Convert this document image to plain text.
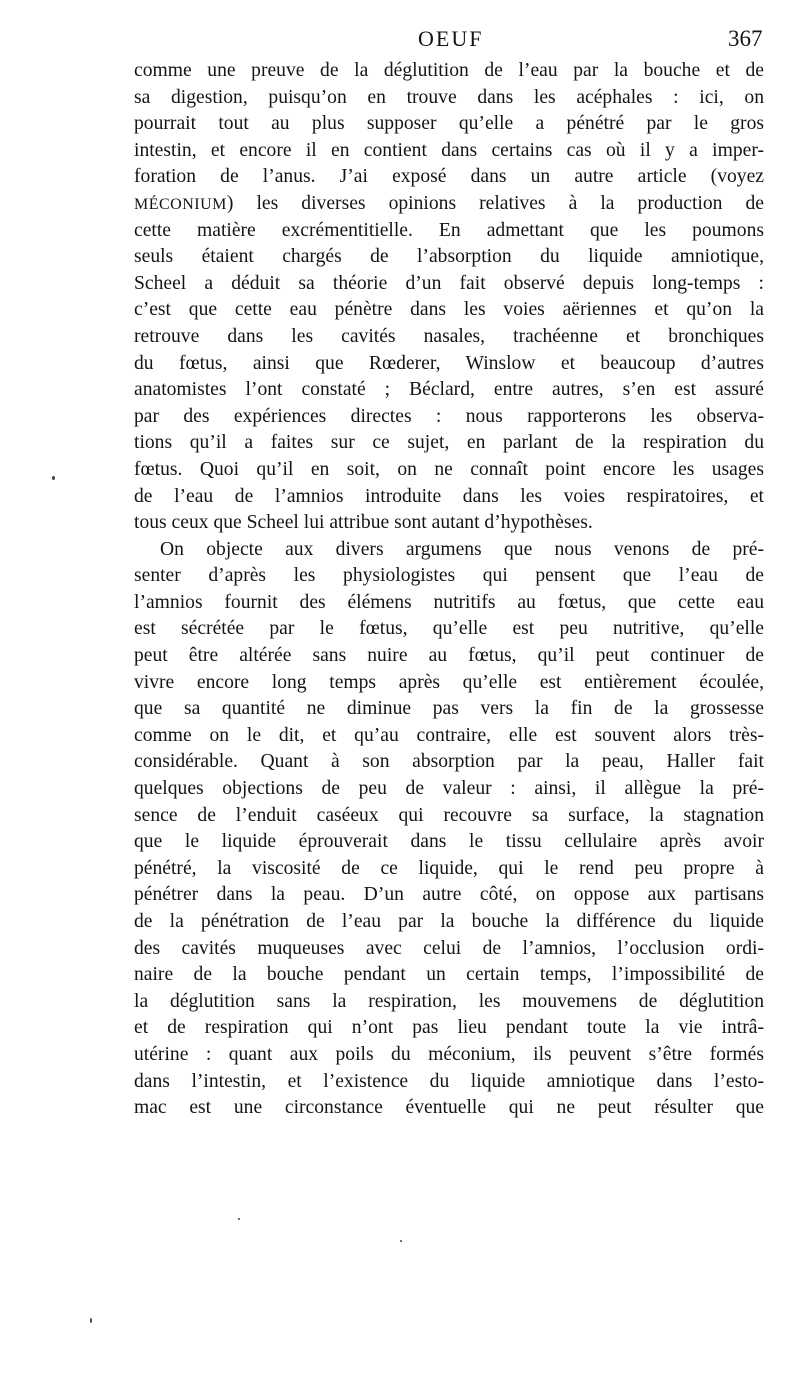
OEUF	367
comme une preuve de la déglutition de l’eau par la bouche et de
sa digestion, puisqu’on en trouve dans les acéphales : ici, on
pourrait tout au plus supposer qu’elle a pénétré par le gros
intestin, et encore il en contient dans certains cas où il y a imper-
foration de l’anus. J’ai exposé dans un autre article (voyez
MÉCONIUM) les diverses opinions relatives à la production de
cette matière excrémentitielle. En admettant que les poumons
seuls étaient chargés de l’absorption du liquide amniotique,
Scheel a déduit sa théorie d’un fait observé depuis long-temps :
c’est que cette eau pénètre dans les voies aëriennes et qu’on la
retrouve dans les cavités nasales, trachéenne et bronchiques
du fœtus, ainsi que Rœderer, Winslow et beaucoup d’autres
anatomistes l’ont constaté ; Béclard, entre autres, s’en est assuré
par des expériences directes : nous rapporterons les observa-
tions qu’il a faites sur ce sujet, en parlant de la respiration du
fœtus. Quoi qu’il en soit, on ne connaît point encore les usages
de l’eau de l’amnios introduite dans les voies respiratoires, et
tous ceux que Scheel lui attribue sont autant d’hypothèses.
On objecte aux divers argumens que nous venons de pré-
senter d’après les physiologistes qui pensent que l’eau de
l’amnios fournit des élémens nutritifs au fœtus, que cette eau
est sécrétée par le fœtus, qu’elle est peu nutritive, qu’elle
peut être altérée sans nuire au fœtus, qu’il peut continuer de
vivre encore long temps après qu’elle est entièrement écoulée,
que sa quantité ne diminue pas vers la fin de la grossesse
comme on le dit, et qu’au contraire, elle est souvent alors très-
considérable. Quant à son absorption par la peau, Haller fait
quelques objections de peu de valeur : ainsi, il allègue la pré-
sence de l’enduit caséeux qui recouvre sa surface, la stagnation
que le liquide éprouverait dans le tissu cellulaire après avoir
pénétré, la viscosité de ce liquide, qui le rend peu propre à
pénétrer dans la peau. D’un autre côté, on oppose aux partisans
de la pénétration de l’eau par la bouche la différence du liquide
des cavités muqueuses avec celui de l’amnios, l’occlusion ordi-
naire de la bouche pendant un certain temps, l’impossibilité de
la déglutition sans la respiration, les mouvemens de déglutition
et de respiration qui n’ont pas lieu pendant toute la vie intrâ-
utérine : quant aux poils du méconium, ils peuvent s’être formés
dans l’intestin, et l’existence du liquide amniotique dans l’esto-
mac est une circonstance éventuelle qui ne peut résulter que
